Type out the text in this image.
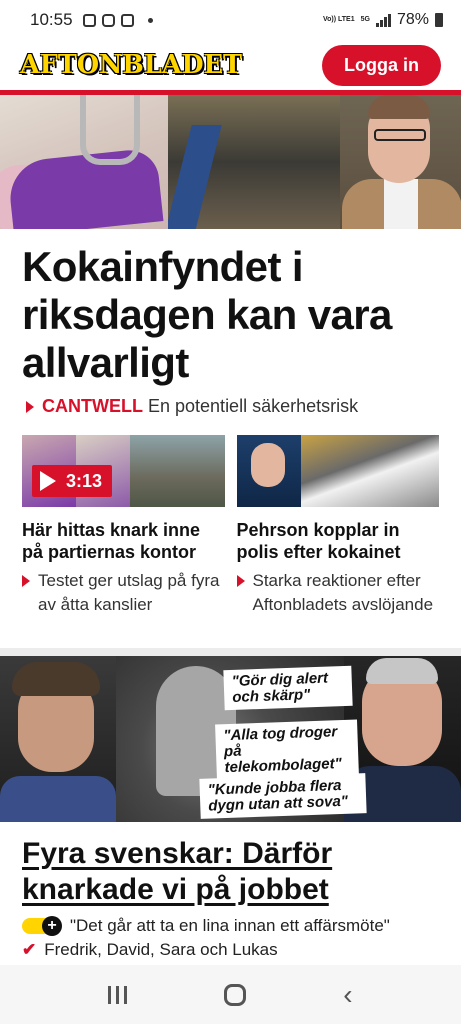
10:55	Vo)) LTE1 5G 78%
AFTONBLADET	Logga in
Kokainfyndet i riksdagen kan vara allvarligt
CANTWELL En potentiell säkerhetsrisk
3:13
Här hittas knark inne på partiernas kontor
Testet ger utslag på fyra av åtta kanslier
Pehrson kopplar in polis efter kokainet
Starka reaktioner efter Aftonbladets avslöjande
"Gör dig alert och skärp"
"Alla tog droger på telekombolaget"
"Kunde jobba flera dygn utan att sova"
Fyra svenskar: Därför knarkade vi på jobbet
+ "Det går att ta en lina innan ett affärsmöte"
✔ Fredrik, David, Sara och Lukas
‹
